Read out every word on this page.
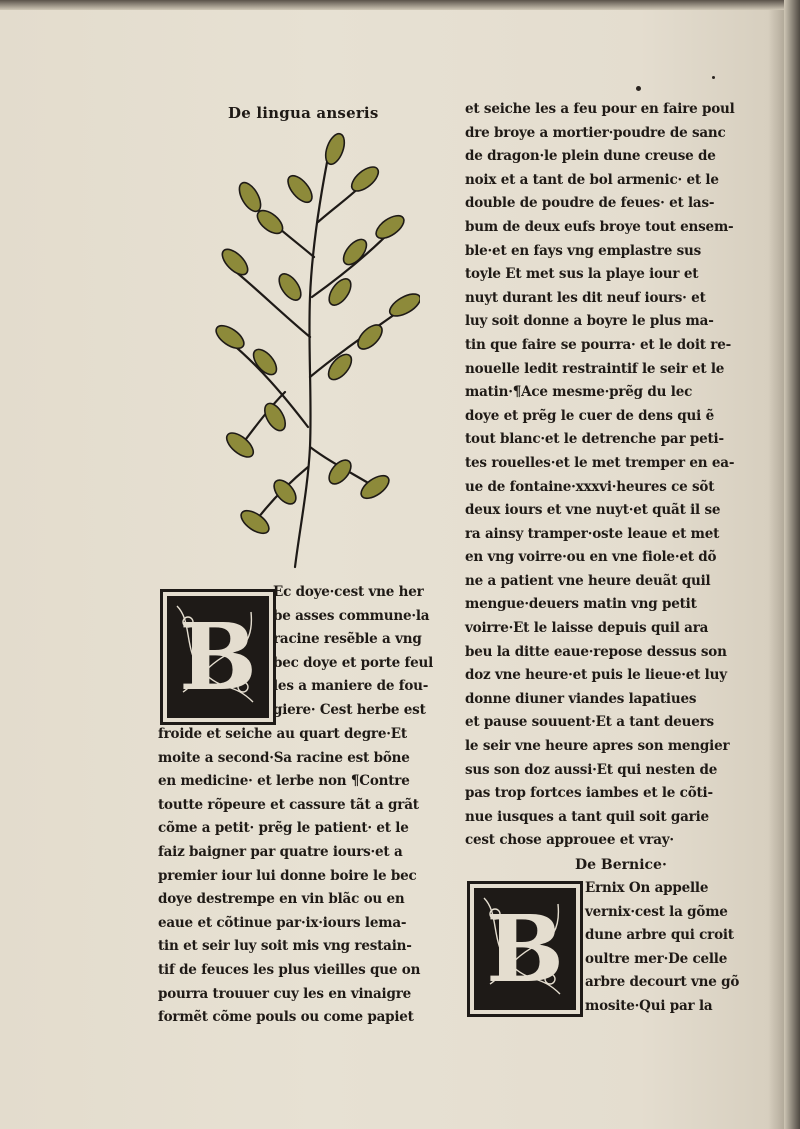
De lingua anseris
B
Ec doye·cest vne her
be asses commune·la
racine resẽble a vng
bec doye et porte feul
les a maniere de fou-
giere· Cest herbe est
froide et seiche au quart degre·Et
moite a second·Sa racine est bõne
en medicine· et lerbe non ¶Contre
toutte rõpeure et cassure tãt a grãt
cõme a petit· prẽg le patient· et le
faiz baigner par quatre iours·et a
premier iour lui donne boire le bec
doye destrempe en vin blãc ou en
eaue et cõtinue par·ix·iours lema-
tin et seir luy soit mis vng restain-
tif de feuces les plus vieilles que on
pourra trouuer cuy les en vinaigre
formẽt cõme pouls ou come papiet
et seiche les a feu pour en faire poul
dre broye a mortier·poudre de sanc
de dragon·le plein dune creuse de
noix et a tant de bol armenic· et le
double de poudre de feues· et las-
bum de deux eufs broye tout ensem-
ble·et en fays vng emplastre sus
toyle Et met sus la playe iour et
nuyt durant les dit neuf iours· et
luy soit donne a boyre le plus ma-
tin que faire se pourra· et le doit re-
nouelle ledit restraintif le seir et le
matin·¶Ace mesme·prẽg du lec
doye et prẽg le cuer de dens qui ẽ
tout blanc·et le detrenche par peti-
tes rouelles·et le met tremper en ea-
ue de fontaine·xxxvi·heures ce sõt
deux iours et vne nuyt·et quãt il se
ra ainsy tramper·oste leaue et met
en vng voirre·ou en vne fiole·et dõ
ne a patient vne heure deuãt quil
mengue·deuers matin vng petit
voirre·Et le laisse depuis quil ara
beu la ditte eaue·repose dessus son
doz vne heure·et puis le lieue·et luy
donne diuner viandes lapatiues
et pause souuent·Et a tant deuers
le seir vne heure apres son mengier
sus son doz aussi·Et qui nesten de
pas trop fortces iambes et le cõti-
nue iusques a tant quil soit garie
cest chose approuee et vray·
De Bernice·
B
Ernix On appelle
vernix·cest la gõme
dune arbre qui croit
oultre mer·De celle
arbre decourt vne gõ
mosite·Qui par la
